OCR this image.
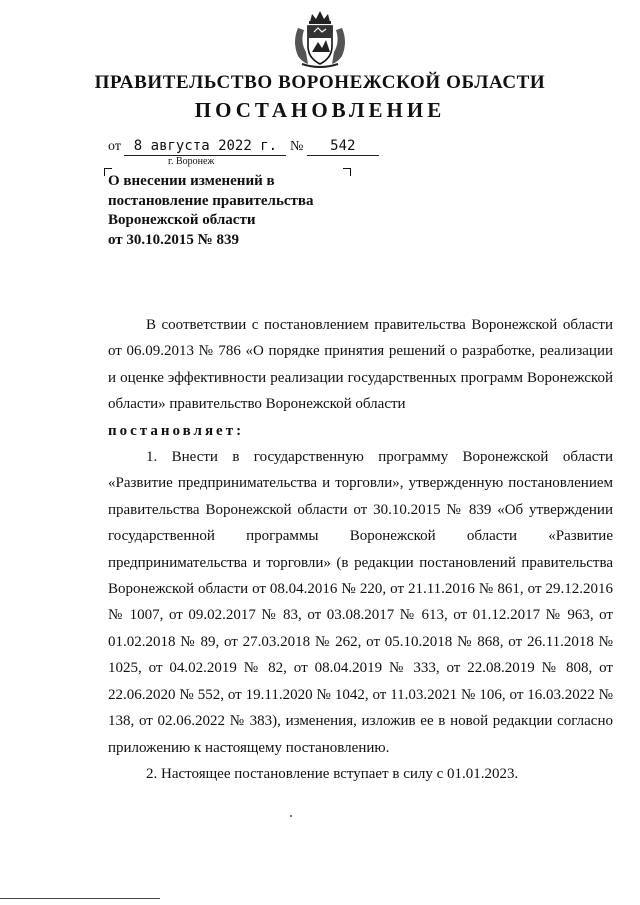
ПРАВИТЕЛЬСТВО ВОРОНЕЖСКОЙ ОБЛАСТИ
ПОСТАНОВЛЕНИЕ
от 8 августа 2022 г. № 542
г. Воронеж
О внесении изменений в
постановление правительства
Воронежской области
от 30.10.2015 № 839

В соответствии с постановлением правительства Воронежской области от 06.09.2013 № 786 «О порядке принятия решений о разработке, реализации и оценке эффективности реализации государственных программ Воронежской области» правительство Воронежской области

постановляет:

1. Внести в государственную программу Воронежской области «Развитие предпринимательства и торговли», утвержденную постановлением правительства Воронежской области от 30.10.2015 № 839 «Об утверждении государственной программы Воронежской области «Развитие предпринимательства и торговли» (в редакции постановлений правительства Воронежской области от 08.04.2016 № 220, от 21.11.2016 № 861, от 29.12.2016 № 1007, от 09.02.2017 № 83, от 03.08.2017 № 613, от 01.12.2017 № 963, от 01.02.2018 № 89, от 27.03.2018 № 262, от 05.10.2018 № 868, от 26.11.2018 № 1025, от 04.02.2019 № 82, от 08.04.2019 № 333, от 22.08.2019 № 808, от 22.06.2020 № 552, от 19.11.2020 № 1042, от 11.03.2021 № 106, от 16.03.2022 № 138, от 02.06.2022 № 383), изменения, изложив ее в новой редакции согласно приложению к настоящему постановлению.

2. Настоящее постановление вступает в силу с 01.01.2023.
